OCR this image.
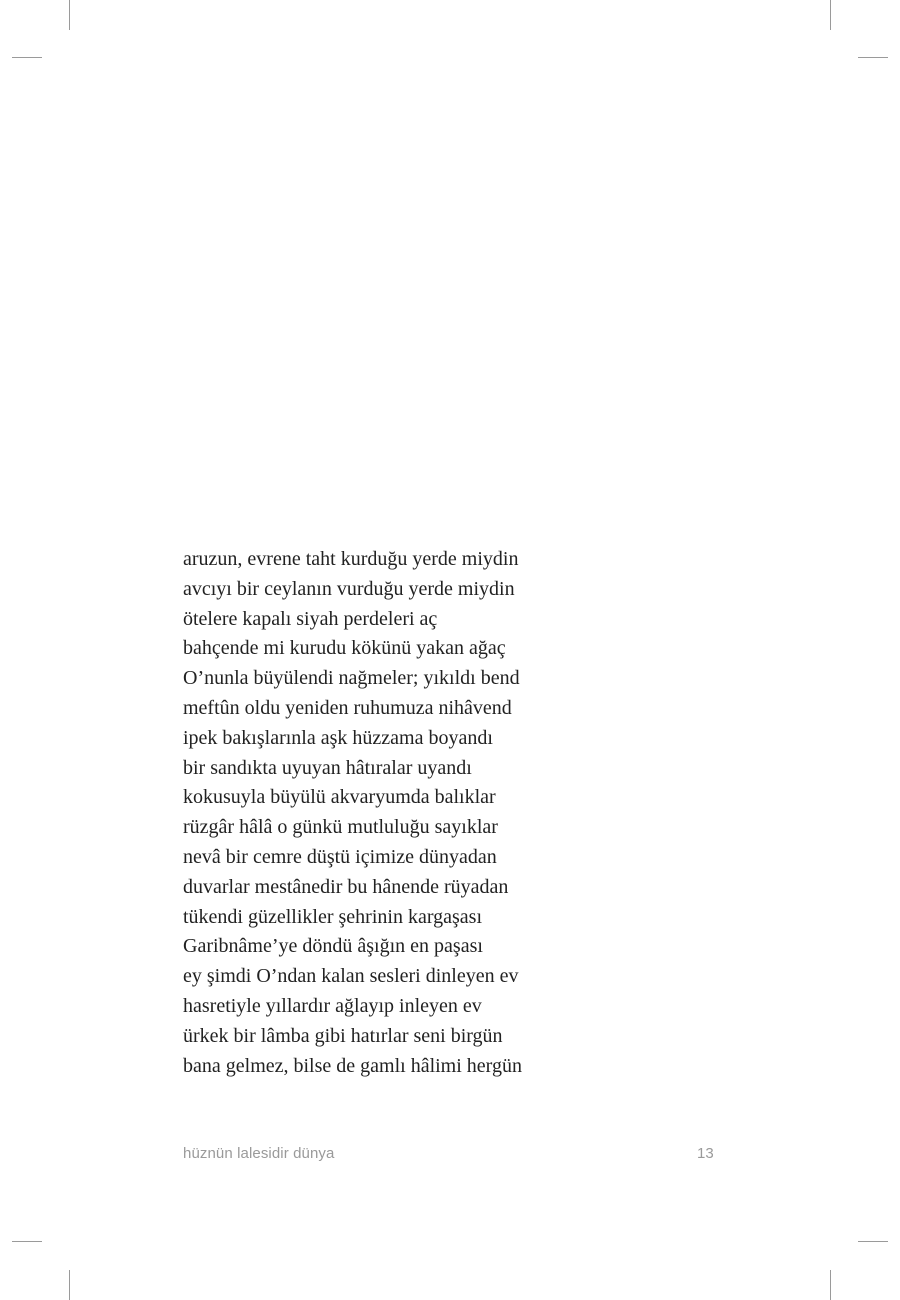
aruzun, evrene taht kurduğu yerde miydin
avcıyı bir ceylanın vurduğu yerde miydin
ötelere kapalı siyah perdeleri aç
bahçende mi kurudu kökünü yakan ağaç
O’nunla büyülendi nağmeler; yıkıldı bend
meftûn oldu yeniden ruhumuza nihâvend
ipek bakışlarınla aşk hüzzama boyandı
bir sandıkta uyuyan hâtıralar uyandı
kokusuyla büyülü akvaryumda balıklar
rüzgâr hâlâ o günkü mutluluğu sayıklar
nevâ bir cemre düştü içimize dünyadan
duvarlar mestânedir bu hânende rüyadan
tükendi güzellikler şehrinin kargaşası
Garibnâme’ye döndü âşığın en paşası
ey şimdi O’ndan kalan sesleri dinleyen ev
hasretiyle yıllardır ağlayıp inleyen ev
ürkek bir lâmba gibi hatırlar seni birgün
bana gelmez, bilse de gamlı hâlimi hergün
hüznün lalesidir dünya	13
